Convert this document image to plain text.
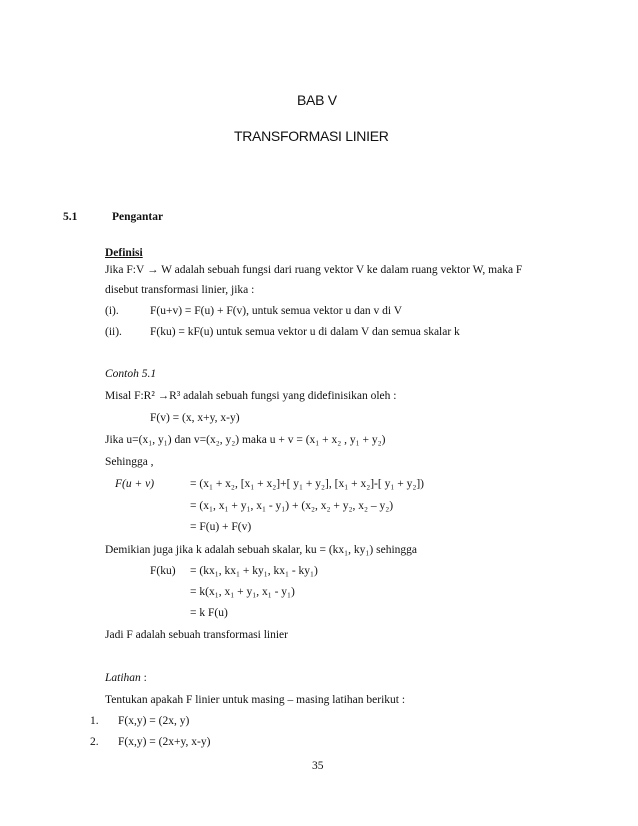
BAB V
TRANSFORMASI LINIER
5.1	Pengantar
Definisi
Jika F:V → W adalah sebuah fungsi dari ruang vektor V ke dalam ruang vektor W, maka F
disebut transformasi linier, jika :
(i).	F(u+v) = F(u) + F(v), untuk semua vektor u dan v di V
(ii). F(ku) = kF(u) untuk semua vektor u di dalam V dan semua skalar k
Contoh 5.1
Misal F:R² →R³ adalah sebuah fungsi yang didefinisikan oleh :
F(v) = (x, x+y, x-y)
Jika u=(x₁, y₁) dan v=(x₂, y₂) maka u + v = (x₁ + x₂ , y₁ + y₂)
Sehingga ,
F(u + v)	= (x₁ + x₂, [x₁ + x₂]+[ y₁ + y₂], [x₁ + x₂]-[ y₁ + y₂])
= (x₁, x₁ + y₁, x₁ - y₁) + (x₂, x₂ + y₂, x₂ – y₂)
= F(u) + F(v)
Demikian juga jika k adalah sebuah skalar, ku = (kx₁, ky₁) sehingga
F(ku) = (kx₁, kx₁ + ky₁, kx₁ - ky₁)
= k(x₁, x₁ + y₁, x₁ - y₁)
= k F(u)
Jadi F adalah sebuah transformasi linier
Latihan :
Tentukan apakah F linier untuk masing – masing latihan berikut :
1. F(x,y) = (2x, y)
2. F(x,y) = (2x+y, x-y)
35
